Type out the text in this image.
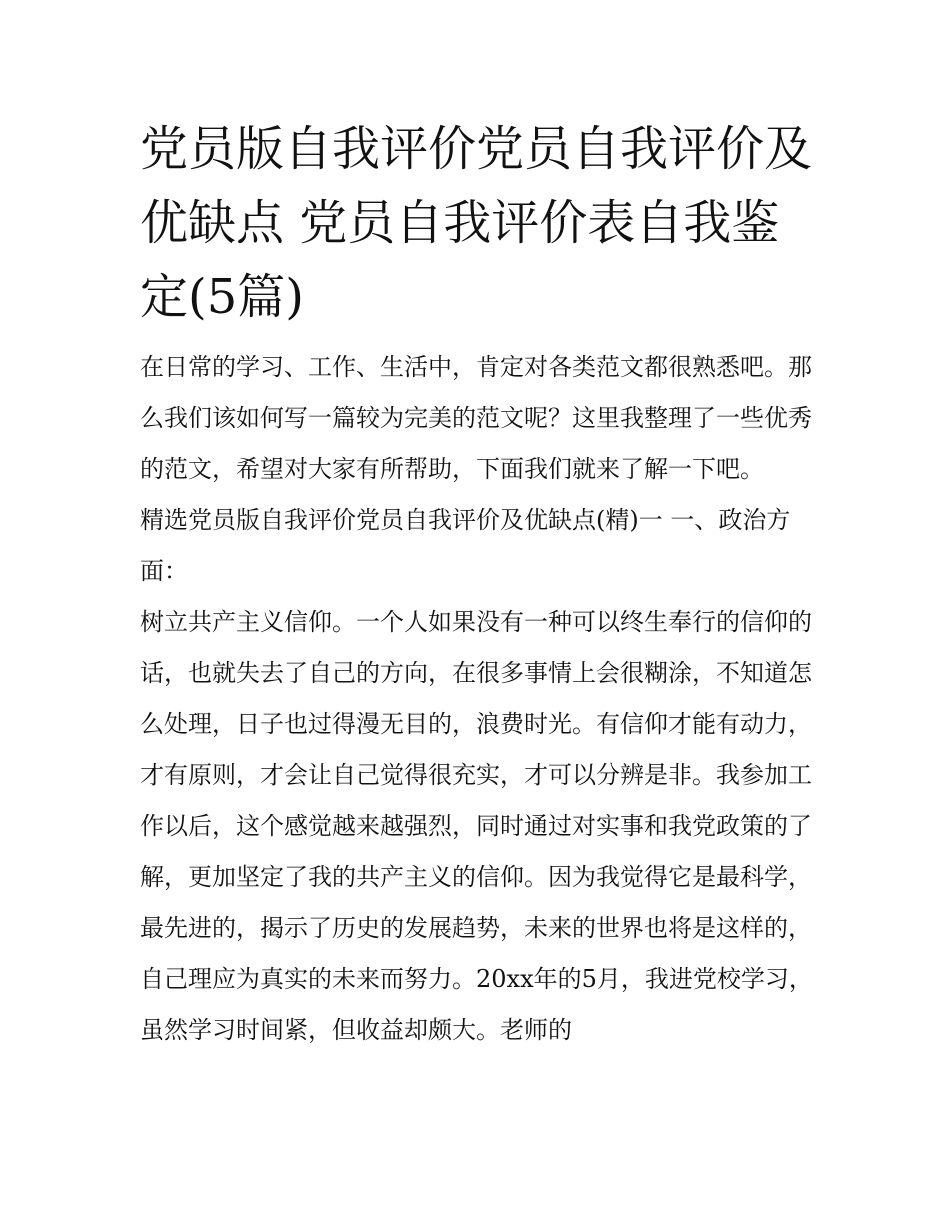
党员版自我评价党员自我评价及优缺点 党员自我评价表自我鉴定(5篇)

在日常的学习、工作、生活中，肯定对各类范文都很熟悉吧。那么我们该如何写一篇较为完美的范文呢？这里我整理了一些优秀的范文，希望对大家有所帮助，下面我们就来了解一下吧。

精选党员版自我评价党员自我评价及优缺点(精)一 一、政治方面：

树立共产主义信仰。一个人如果没有一种可以终生奉行的信仰的话，也就失去了自己的方向，在很多事情上会很糊涂，不知道怎么处理，日子也过得漫无目的，浪费时光。有信仰才能有动力，才有原则，才会让自己觉得很充实，才可以分辨是非。我参加工作以后，这个感觉越来越强烈，同时通过对实事和我党政策的了解，更加坚定了我的共产主义的信仰。因为我觉得它是最科学，最先进的，揭示了历史的发展趋势，未来的世界也将是这样的，自己理应为真实的未来而努力。20xx年的5月，我进党校学习，虽然学习时间紧，但收益却颇大。老师的
